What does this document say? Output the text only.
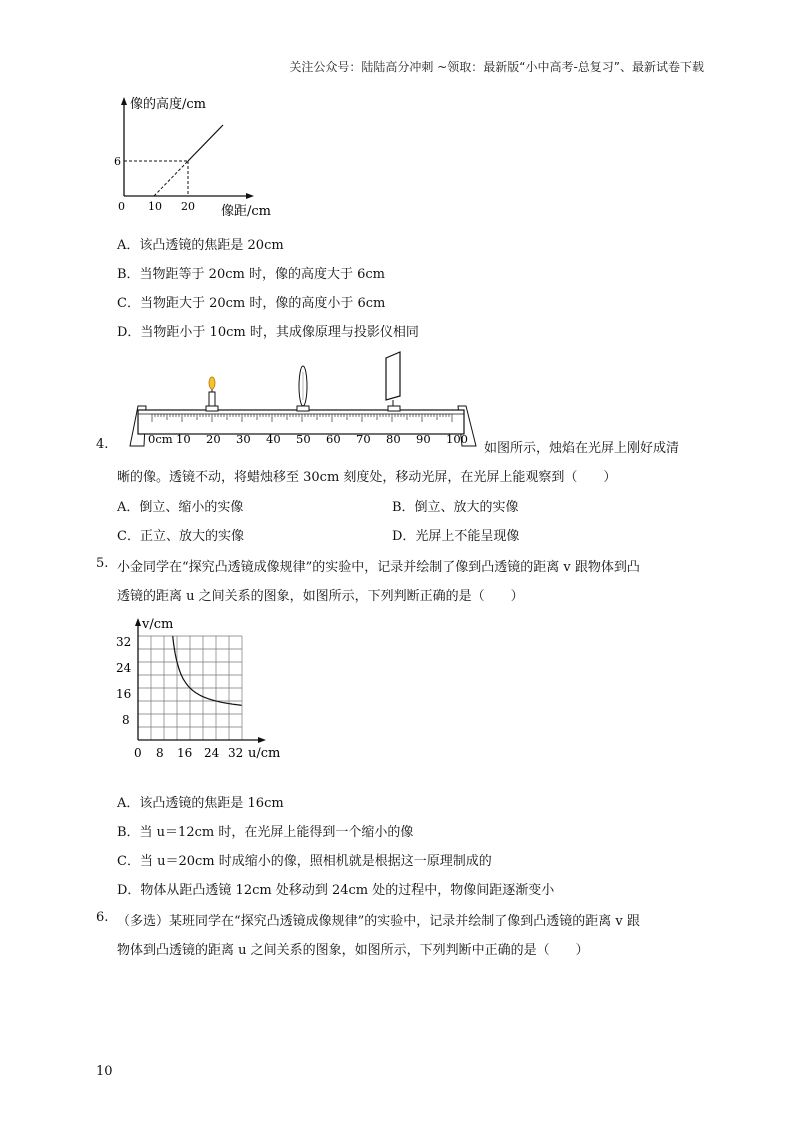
关注公众号：陆陆高分冲刺 ~领取：最新版“小中高考-总复习”、最新试卷下载
像的高度/cm
像距/cm
0 10 20
6
A．该凸透镜的焦距是 20cm
B．当物距等于 20cm 时，像的高度大于 6cm
C．当物距大于 20cm 时，像的高度小于 6cm
D．当物距小于 10cm 时，其成像原理与投影仪相同
0cm 10 20 30 40 50 60 70 80 90 100
4.	如图所示，烛焰在光屏上刚好成清
晰的像。透镜不动，将蜡烛移至 30cm 刻度处，移动光屏，在光屏上能观察到（　　）
A．倒立、缩小的实像	B．倒立、放大的实像
C．正立、放大的实像	D．光屏上不能呈现像
5. 小金同学在“探究凸透镜成像规律”的实验中，记录并绘制了像到凸透镜的距离 v 跟物体到凸
透镜的距离 u 之间关系的图象，如图所示，下列判断正确的是（　　）
v/cm
u/cm
32
24
16
8
0 8 16 24 32
A．该凸透镜的焦距是 16cm
B．当 u＝12cm 时，在光屏上能得到一个缩小的像
C．当 u＝20cm 时成缩小的像，照相机就是根据这一原理制成的
D．物体从距凸透镜 12cm 处移动到 24cm 处的过程中，物像间距逐渐变小
6. （多选）某班同学在“探究凸透镜成像规律”的实验中，记录并绘制了像到凸透镜的距离 v 跟
物体到凸透镜的距离 u 之间关系的图象，如图所示，下列判断中正确的是（　　）
10
